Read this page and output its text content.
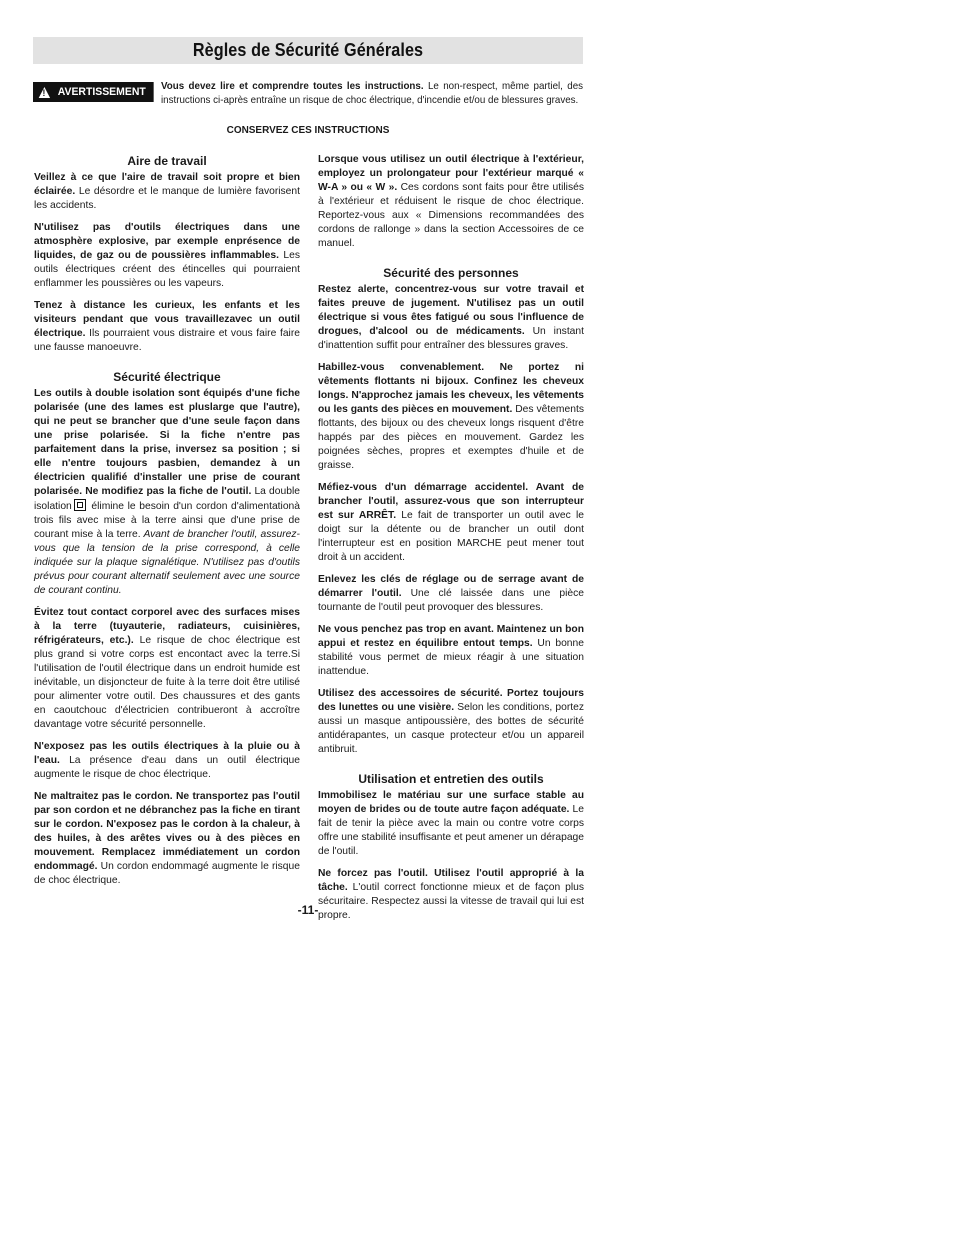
Règles de Sécurité Générales
! AVERTISSEMENT Vous devez lire et comprendre toutes les instructions. Le non-respect, même partiel, des instructions ci-après entraîne un risque de choc électrique, d'incendie et/ou de blessures graves.
CONSERVEZ CES INSTRUCTIONS
Aire de travail

Veillez à ce que l'aire de travail soit propre et bien éclairée. Le désordre et le manque de lumière favorisent les accidents.

N'utilisez pas d'outils électriques dans une atmosphère explosive, par exemple enprésence de liquides, de gaz ou de poussières inflammables. Les outils électriques créent des étincelles qui pourraient enflammer les poussières ou les vapeurs.

Tenez à distance les curieux, les enfants et les visiteurs pendant que vous travaillezavec un outil électrique. Ils pourraient vous distraire et vous faire faire une fausse manoeuvre.

Sécurité électrique

Les outils à double isolation sont équipés d'une fiche polarisée (une des lames est pluslarge que l'autre), qui ne peut se brancher que d'une seule façon dans une prise polarisée. Si la fiche n'entre pas parfaitement dans la prise, inversez sa position ; si elle n'entre toujours pasbien, demandez à un électricien qualifié d'installer une prise de courant polarisée. Ne modifiez pas la fiche de l'outil. La double isolation
élimine le besoin d'un cordon d'alimentationà trois fils avec mise à la terre ainsi que d'une prise de courant mise à la terre. Avant de brancher l'outil, assurez-vous que la tension de la prise correspond, à celle indiquée sur la plaque signalétique. N'utilisez pas d'outils prévus pour courant alternatif seulement avec une source de courant continu.

Évitez tout contact corporel avec des surfaces mises à la terre (tuyauterie, radiateurs, cuisinières, réfrigérateurs, etc.). Le risque de choc électrique est plus grand si votre corps est encontact avec la terre.Si l'utilisation de l'outil électrique dans un endroit humide est inévitable, un disjoncteur de fuite à la terre doit être utilisé pour alimenter votre outil. Des chaussures et des gants en caoutchouc d'électricien contribueront à accroître davantage votre sécurité personnelle.

N'exposez pas les outils électriques à la pluie ou à l'eau. La présence d'eau dans un outil électrique augmente le risque de choc électrique.

Ne maltraitez pas le cordon. Ne transportez pas l'outil par son cordon et ne débranchez pas la fiche en tirant sur le cordon. N'exposez pas le cordon à la chaleur, à des huiles, à des arêtes vives ou à des pièces en mouvement. Remplacez immédiatement un cordon endommagé. Un cordon endommagé augmente le risque de choc électrique.

Lorsque vous utilisez un outil électrique à l'extérieur, employez un prolongateur pour l'extérieur marqué « W-A » ou « W ». Ces cordons sont faits pour être utilisés à l'extérieur et réduisent le risque de choc électrique. Reportez-vous aux « Dimensions recommandées des cordons de rallonge » dans la section Accessoires de ce manuel.

Sécurité des personnes

Restez alerte, concentrez-vous sur votre travail et faites preuve de jugement. N'utilisez pas un outil électrique si vous êtes fatigué ou sous l'influence de drogues, d'alcool ou de médicaments. Un instant d'inattention suffit pour entraîner des blessures graves.

Habillez-vous convenablement. Ne portez ni vêtements flottants ni bijoux. Confinez les cheveux longs. N'approchez jamais les cheveux, les vêtements ou les gants des pièces en mouvement. Des vêtements flottants, des bijoux ou des cheveux longs risquent d'être happés par des pièces en mouvement. Gardez les poignées sèches, propres et exemptes d'huile et de graisse.

Méfiez-vous d'un démarrage accidentel. Avant de brancher l'outil, assurez-vous que son interrupteur est sur ARRÊT. Le fait de transporter un outil avec le doigt sur la détente ou de brancher un outil dont l'interrupteur est en position MARCHE peut mener tout droit à un accident.

Enlevez les clés de réglage ou de serrage avant de démarrer l'outil. Une clé laissée dans une pièce tournante de l'outil peut provoquer des blessures.

Ne vous penchez pas trop en avant. Maintenez un bon appui et restez en équilibre entout temps. Un bonne stabilité vous permet de mieux réagir à une situation inattendue.

Utilisez des accessoires de sécurité. Portez toujours des lunettes ou une visière. Selon les conditions, portez aussi un masque antipoussière, des bottes de sécurité antidérapantes, un casque protecteur et/ou un appareil antibruit.

Utilisation et entretien des outils

Immobilisez le matériau sur une surface stable au moyen de brides ou de toute autre façon adéquate. Le fait de tenir la pièce avec la main ou contre votre corps offre une stabilité insuffisante et peut amener un dérapage de l'outil.

Ne forcez pas l'outil. Utilisez l'outil approprié à la tâche. L'outil correct fonctionne mieux et de façon plus sécuritaire. Respectez aussi la vitesse de travail qui lui est propre.

-11-
